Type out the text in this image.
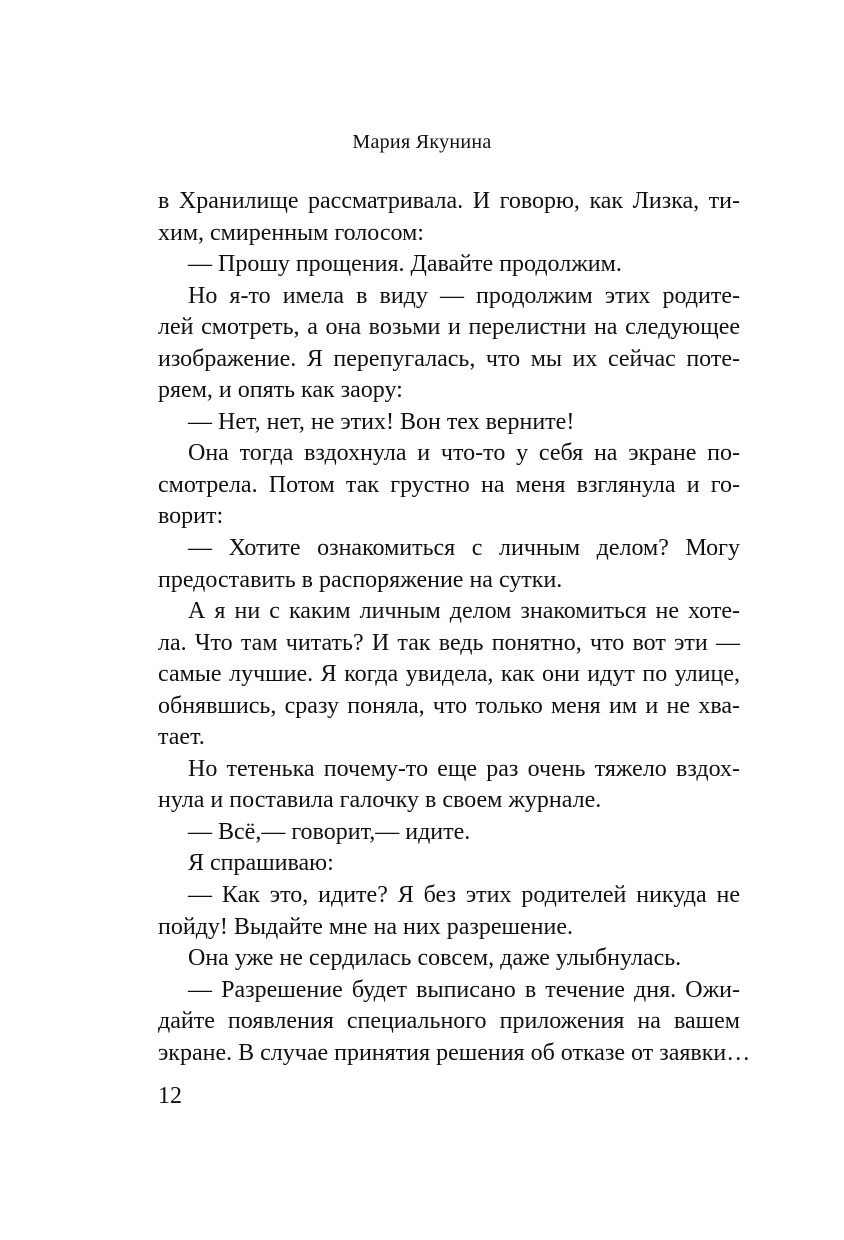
Мария Якунина
в Хранилище рассматривала. И говорю, как Лизка, ти-
хим, смиренным голосом:
— Прошу прощения. Давайте продолжим.
Но я-то имела в виду — продолжим этих родите-
лей смотреть, а она возьми и перелистни на следующее
изображение. Я перепугалась, что мы их сейчас поте-
ряем, и опять как заору:
— Нет, нет, не этих! Вон тех верните!
Она тогда вздохнула и что-то у себя на экране по-
смотрела. Потом так грустно на меня взглянула и го-
ворит:
— Хотите ознакомиться с личным делом? Могу
предоставить в распоряжение на сутки.
А я ни с каким личным делом знакомиться не хоте-
ла. Что там читать? И так ведь понятно, что вот эти —
самые лучшие. Я когда увидела, как они идут по улице,
обнявшись, сразу поняла, что только меня им и не хва-
тает.
Но тетенька почему-то еще раз очень тяжело вздох-
нула и поставила галочку в своем журнале.
— Всё,— говорит,— идите.
Я спрашиваю:
— Как это, идите? Я без этих родителей никуда не
пойду! Выдайте мне на них разрешение.
Она уже не сердилась совсем, даже улыбнулась.
— Разрешение будет выписано в течение дня. Ожи-
дайте появления специального приложения на вашем
экране. В случае принятия решения об отказе от заявки…
12
